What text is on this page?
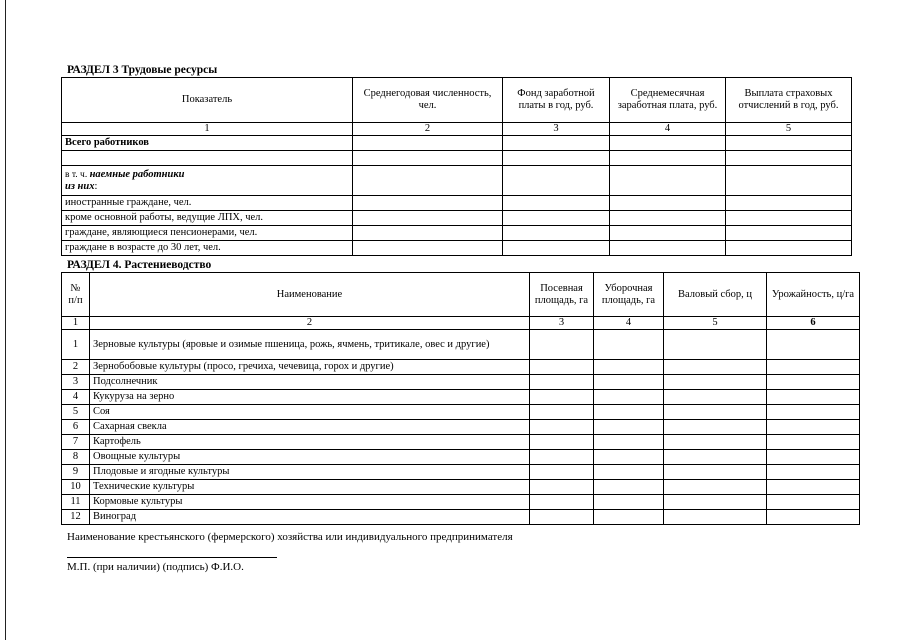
РАЗДЕЛ 3 Трудовые ресурсы
Показатель	Среднегодовая численность, чел.	Фонд заработной платы в год, руб.	Среднемесячная заработная плата, руб.	Выплата страховых отчислений в год, руб.
1	2	3	4	5
Всего работников				

в т. ч. наемные работники
из них:				
иностранные граждане, чел.				
кроме основной работы, ведущие ЛПХ, чел.				
граждане, являющиеся пенсионерами, чел.				
граждане в возрасте до 30 лет, чел.				
РАЗДЕЛ 4. Растениеводство
№ п/п	Наименование	Посевная площадь, га	Уборочная площадь, га	Валовый сбор, ц	Урожайность, ц/га
1	2	3	4	5	6
1	Зерновые культуры (яровые и озимые пшеница, рожь, ячмень, тритикале, овес и другие)				
2	Зернобобовые культуры (просо, гречиха, чечевица, горох и другие)				
3	Подсолнечник				
4	Кукуруза на зерно				
5	Соя				
6	Сахарная свекла				
7	Картофель				
8	Овощные культуры				
9	Плодовые и ягодные культуры				
10	Технические культуры				
11	Кормовые культуры				
12	Виноград				
Наименование крестьянского (фермерского) хозяйства или индивидуального предпринимателя
М.П. (при наличии) (подпись) Ф.И.О.
